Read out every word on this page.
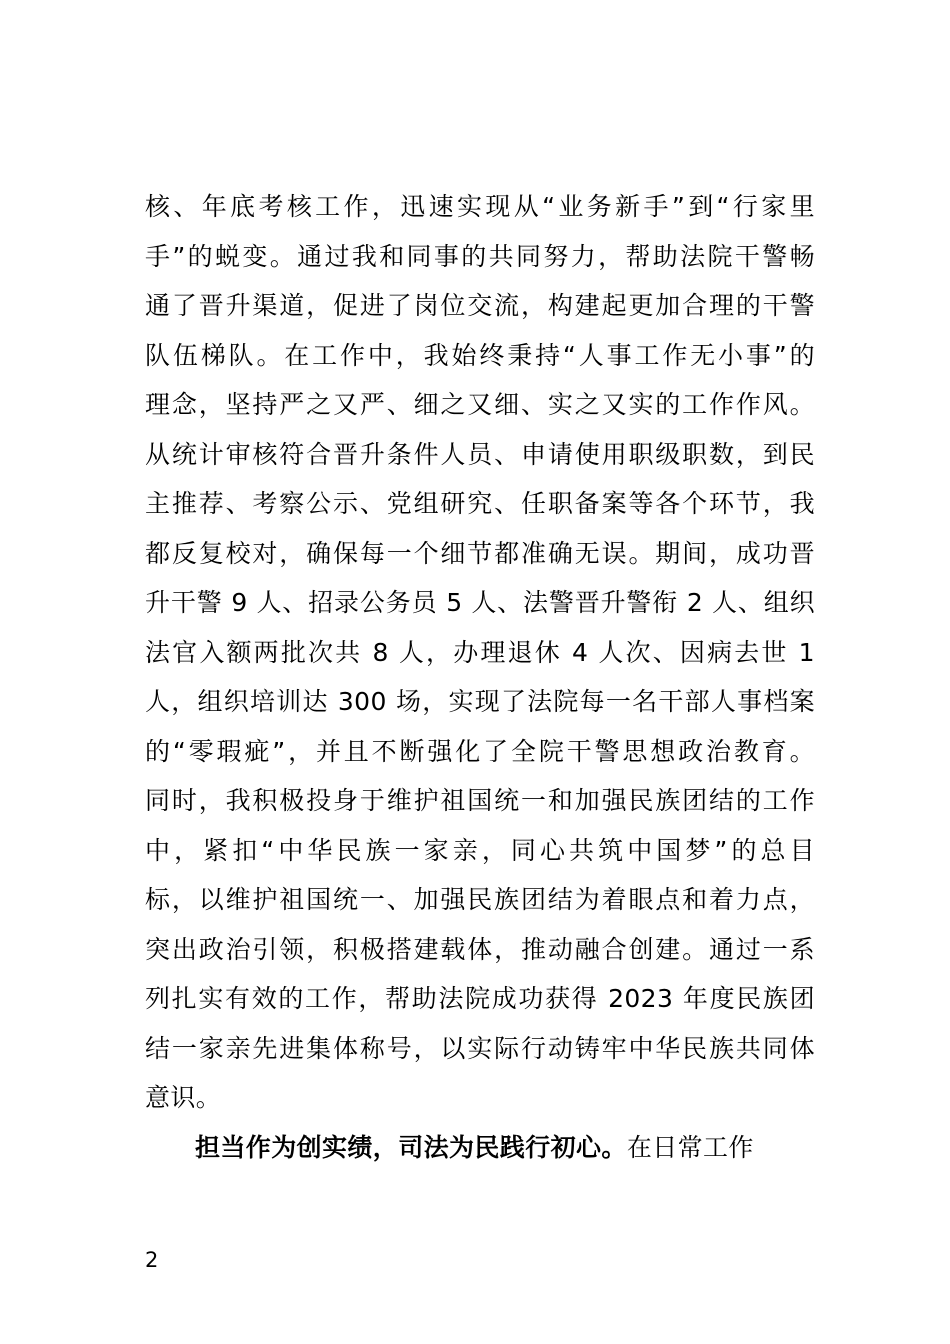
核、年底考核工作，迅速实现从“业务新手”到“行家里
手”的蜕变。通过我和同事的共同努力，帮助法院干警畅
通了晋升渠道，促进了岗位交流，构建起更加合理的干警
队伍梯队。在工作中，我始终秉持“人事工作无小事”的
理念，坚持严之又严、细之又细、实之又实的工作作风。
从统计审核符合晋升条件人员、申请使用职级职数，到民
主推荐、考察公示、党组研究、任职备案等各个环节，我
都反复校对，确保每一个细节都准确无误。期间，成功晋
升干警 9 人、招录公务员 5 人、法警晋升警衔 2 人、组织
法官入额两批次共 8 人，办理退休 4 人次、因病去世 1
人，组织培训达 300 场，实现了法院每一名干部人事档案
的“零瑕疵”，并且不断强化了全院干警思想政治教育。
同时，我积极投身于维护祖国统一和加强民族团结的工作
中，紧扣“中华民族一家亲，同心共筑中国梦”的总目
标，以维护祖国统一、加强民族团结为着眼点和着力点，
突出政治引领，积极搭建载体，推动融合创建。通过一系
列扎实有效的工作，帮助法院成功获得 2023 年度民族团
结一家亲先进集体称号，以实际行动铸牢中华民族共同体
意识。
担当作为创实绩，司法为民践行初心。在日常工作
2
